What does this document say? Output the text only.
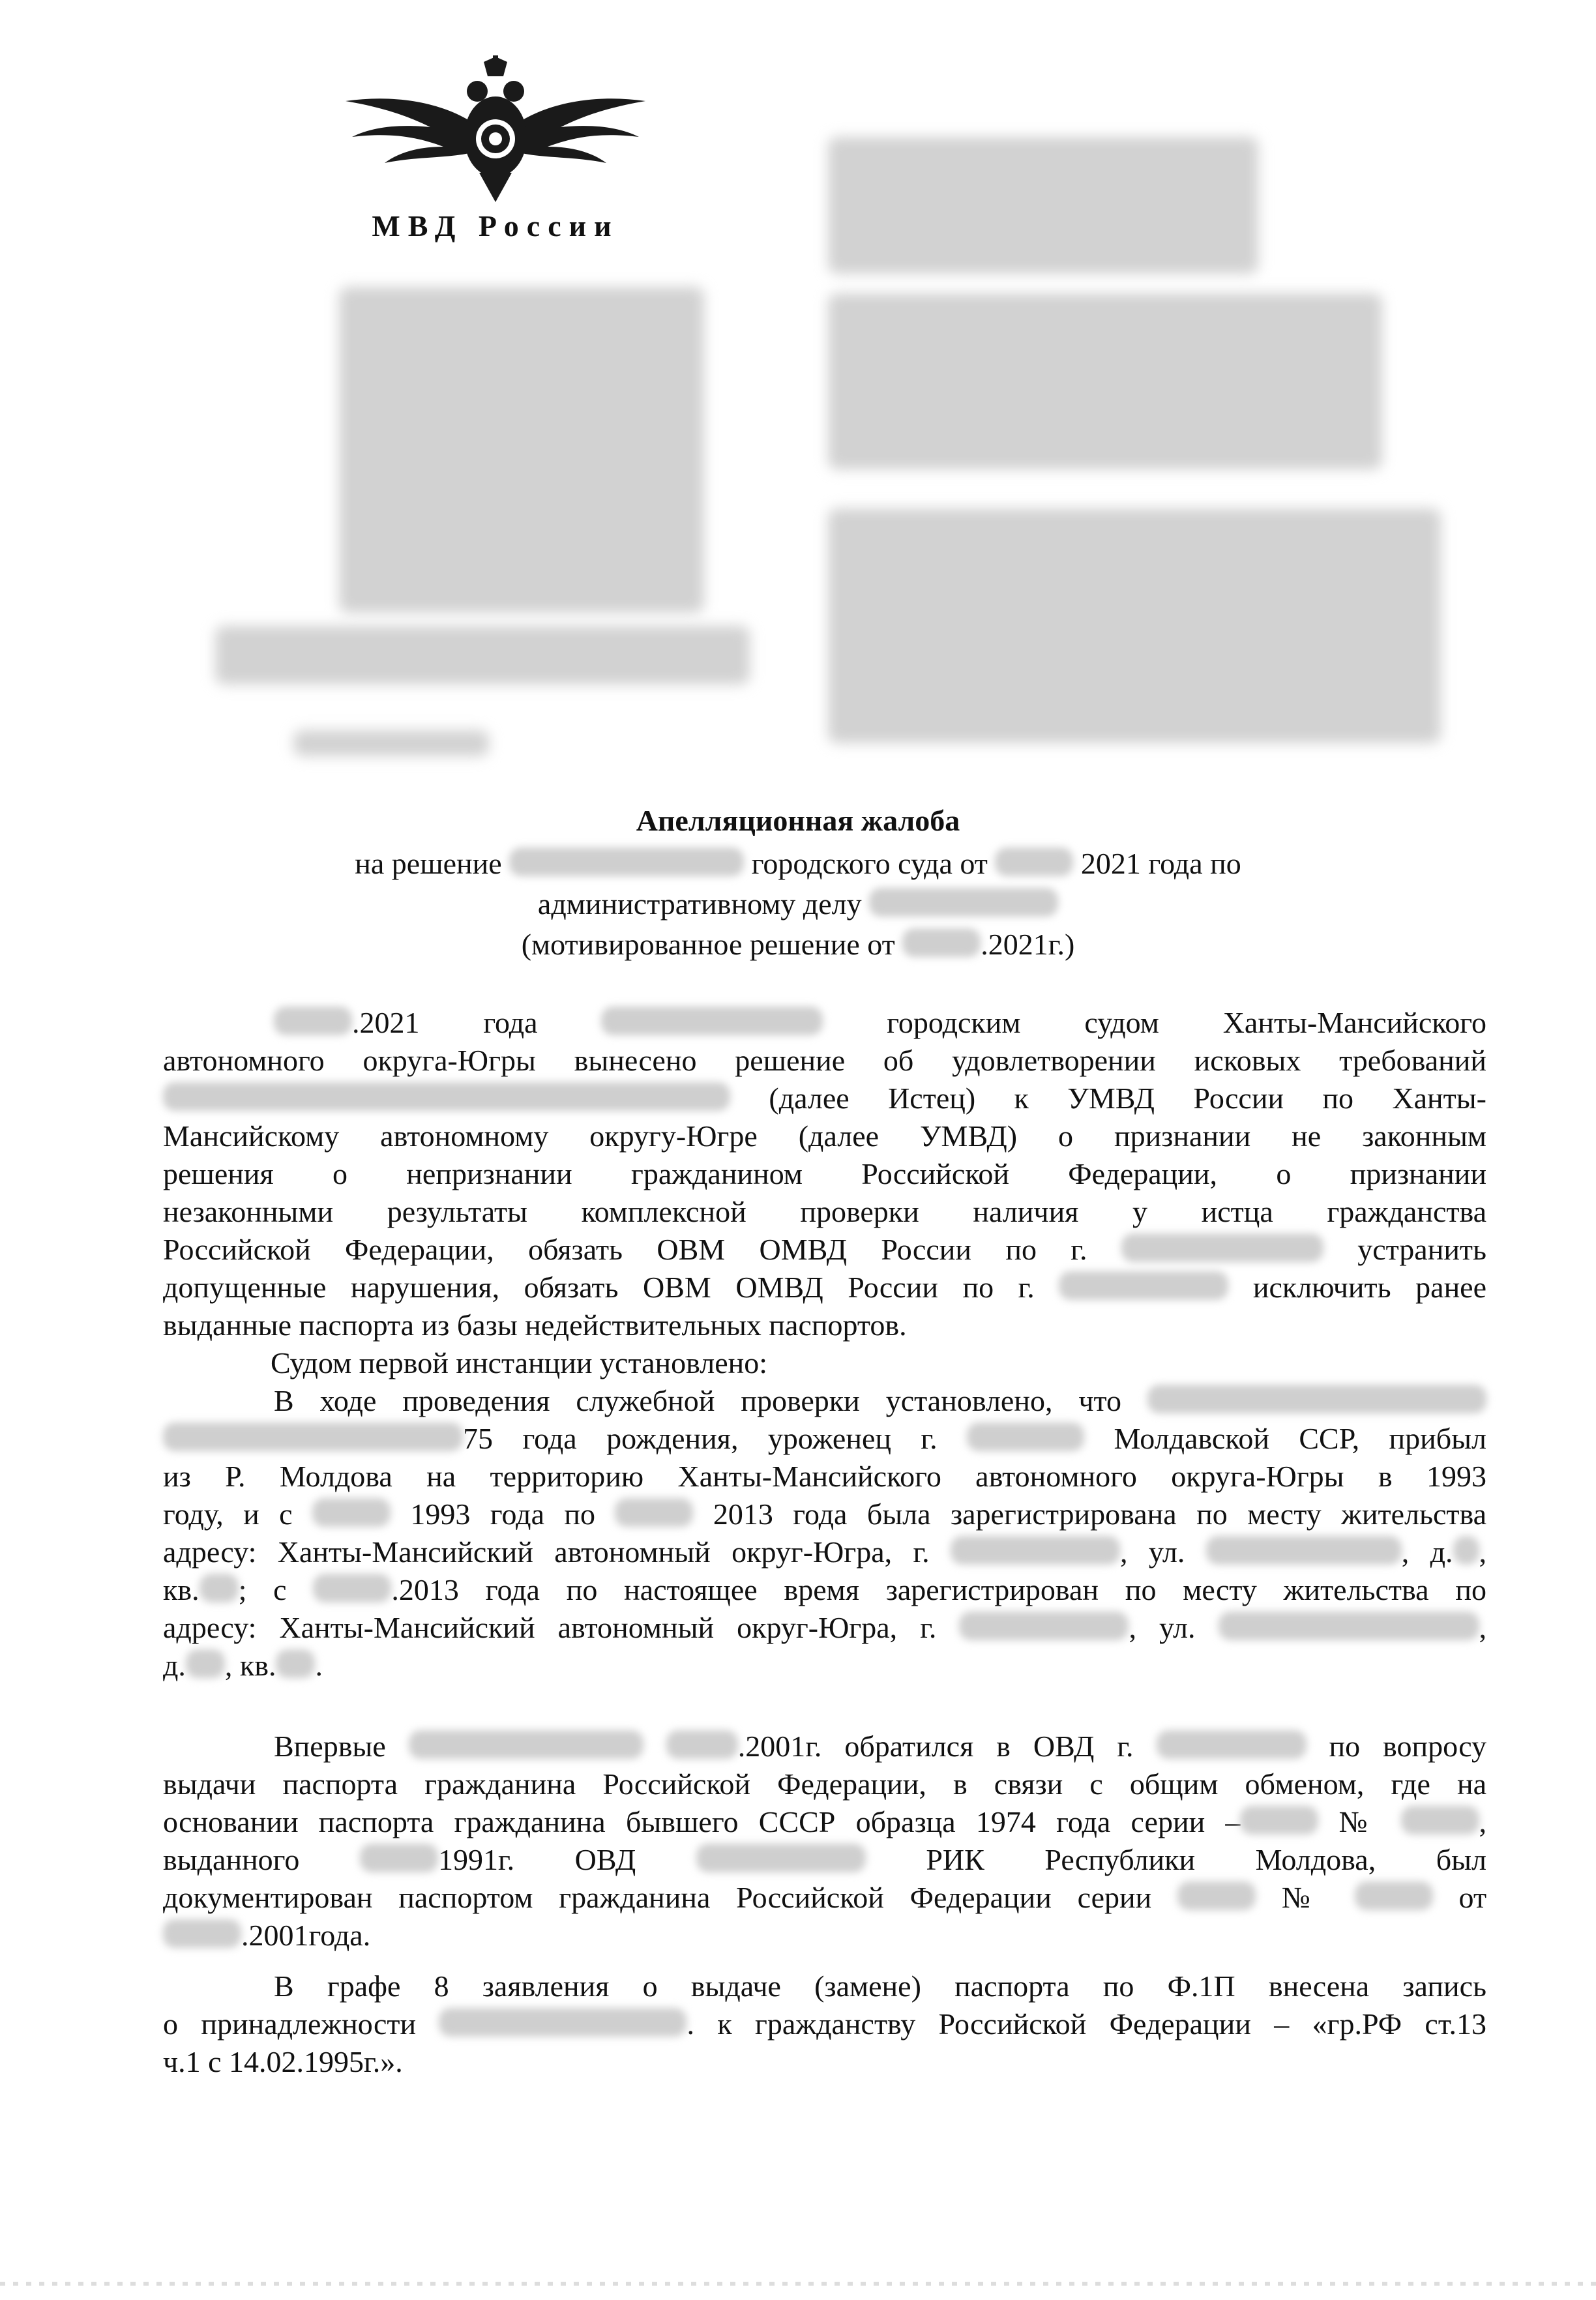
МВД России
Апелляционная жалоба
на решение	городского суда от	2021 года по
административному делу
(мотивированное решение от	.2021г.)

.2021 года	городским судом Ханты-Мансийского

автономного округа-Югры вынесено решение об удовлетворении исковых требований

(далее Истец) к УМВД России по Ханты-

Мансийскому автономному округу-Югре (далее УМВД) о признании не законным

решения о непризнании гражданином Российской Федерации, о признании

незаконными результаты комплексной проверки наличия у истца гражданства

Российской Федерации, обязать ОВМ ОМВД России по г.	устранить

допущенные нарушения, обязать ОВМ ОМВД России по г.	исключить ранее

выданные паспорта из базы недействительных паспортов.

Судом первой инстанции установлено:

В ходе проведения служебной проверки установлено, что

75 года рождения, уроженец г.	Молдавской ССР, прибыл

из Р. Молдова на территорию Ханты-Мансийского автономного округа-Югры в 1993

году, и с	1993 года по	2013 года была зарегистрирована по месту жительства

адресу: Ханты-Мансийский автономный округ-Югра, г.	, ул.	, д. ,

кв. ; с	.2013 года по настоящее время зарегистрирован по месту жительства по

адресу: Ханты-Мансийский автономный округ-Югра, г.	, ул.	,

д. , кв. .

Впервые	.2001г. обратился в ОВД г.	по вопросу

выдачи паспорта гражданина Российской Федерации, в связи с общим обменом, где на

основании паспорта гражданина бывшего СССР образца 1974 года серии –	№	,

выданного	1991г. ОВД	РИК Республики Молдова, был

документирован паспортом гражданина Российской Федерации серии	№	от

.2001года.

В графе 8 заявления о выдаче (замене) паспорта по Ф.1П внесена запись

о принадлежности	. к гражданству Российской Федерации – «гр.РФ ст.13

ч.1 с 14.02.1995г.».
